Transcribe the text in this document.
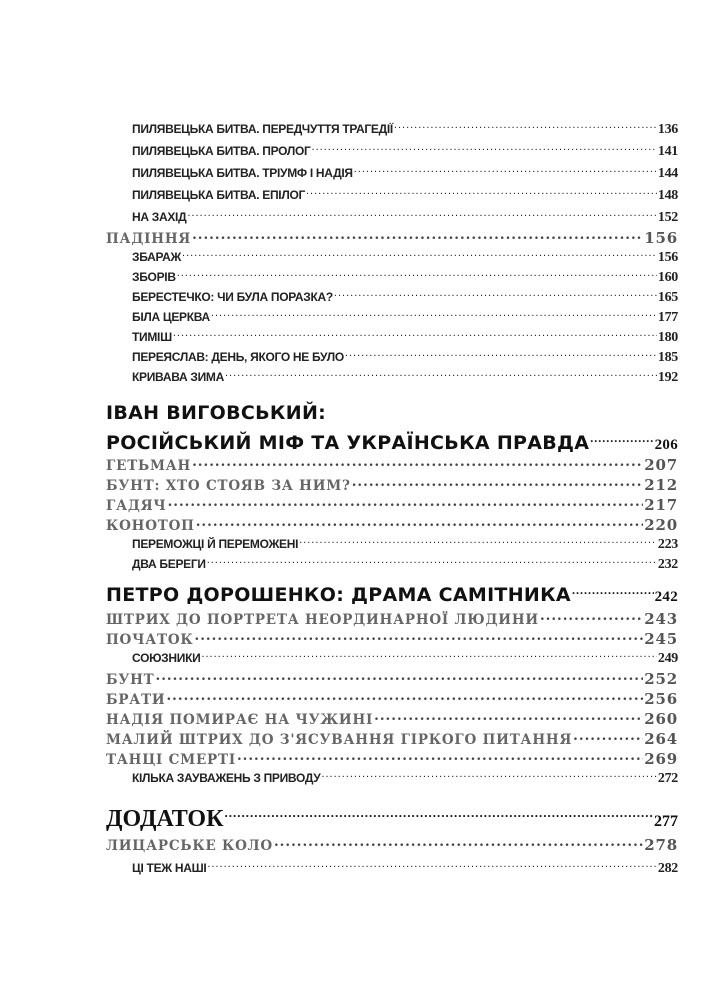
ІВАН ВИГОВСЬКИЙ:
ПИЛЯВЕЦЬКА БИТВА. ПЕРЕДЧУТТЯ ТРАГЕДІЇ .....	136
ПИЛЯВЕЦЬКА БИТВА. ПРОЛОГ .....	141
ПИЛЯВЕЦЬКА БИТВА. ТРІУМФ І НАДІЯ .....	144
ПИЛЯВЕЦЬКА БИТВА. ЕПІЛОГ .....	148
НА ЗАХІД .....	152
ПАДІННЯ .....	156
ЗБАРАЖ .....	156
ЗБОРІВ .....	160
БЕРЕСТЕЧКО: ЧИ БУЛА ПОРАЗКА? .....	165
БІЛА ЦЕРКВА .....	177
ТИМІШ .....	180
ПЕРЕЯСЛАВ: ДЕНЬ, ЯКОГО НЕ БУЛО .....	185
КРИВАВА ЗИМА .....	192
РОСІЙСЬКИЙ МІФ ТА УКРАЇНСЬКА ПРАВДА .....	206
ГЕТЬМАН .....	207
БУНТ: ХТО СТОЯВ ЗА НИМ? .....	212
ГАДЯЧ .....	217
КОНОТОП .....	220
ПЕРЕМОЖЦІ Й ПЕРЕМОЖЕНІ .....	223
ДВА БЕРЕГИ .....	232
ПЕТРО ДОРОШЕНКО: ДРАМА САМІТНИКА .....	242
ШТРИХ ДО ПОРТРЕТА НЕОРДИНАРНОЇ ЛЮДИНИ .....	243
ПОЧАТОК .....	245
СОЮЗНИКИ .....	249
БУНТ .....	252
БРАТИ .....	256
НАДІЯ ПОМИРАЄ НА ЧУЖИНІ .....	260
МАЛИЙ ШТРИХ ДО З'ЯСУВАННЯ ГІРКОГО ПИТАННЯ .....	264
ТАНЦІ СМЕРТІ .....	269
КІЛЬКА ЗАУВАЖЕНЬ З ПРИВОДУ .....	272
ДОДАТОК .....	277
ЛИЦАРСЬКЕ КОЛО .....	278
ЦІ ТЕЖ НАШІ .....	282
